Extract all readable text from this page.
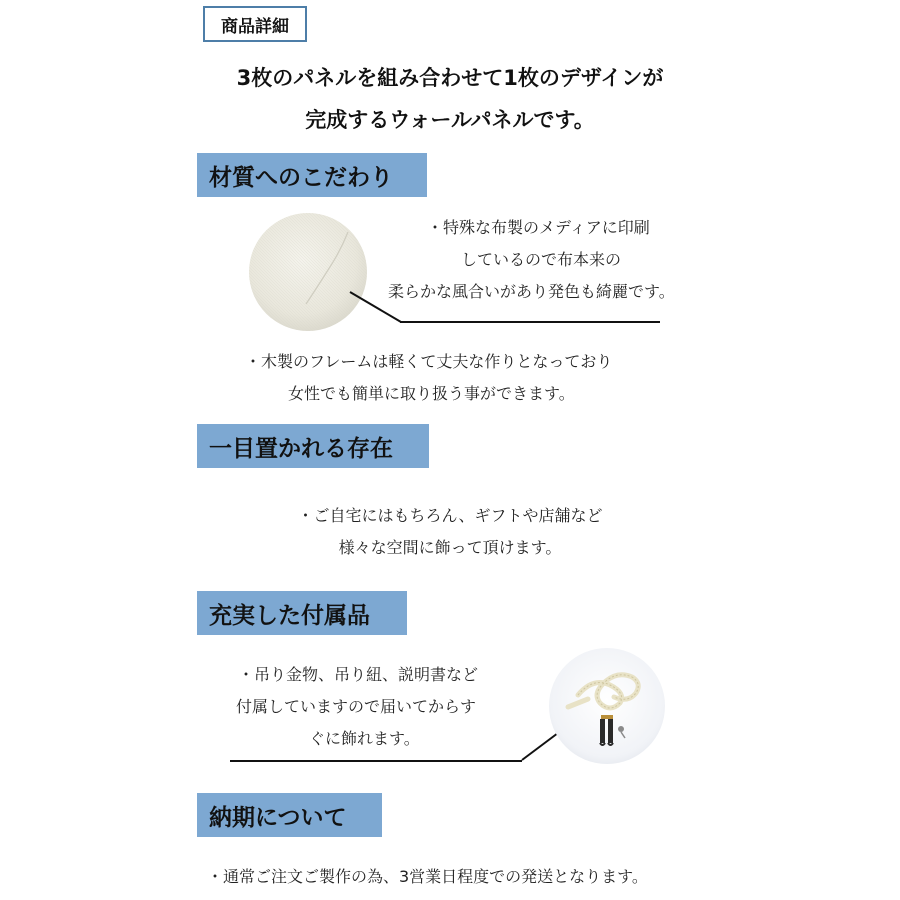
商品詳細
3枚のパネルを組み合わせて1枚のデザインが
完成するウォールパネルです。
材質へのこだわり
・特殊な布製のメディアに印刷
しているので布本来の
柔らかな風合いがあり発色も綺麗です。
・木製のフレームは軽くて丈夫な作りとなっており
女性でも簡単に取り扱う事ができます。
一目置かれる存在
・ご自宅にはもちろん、ギフトや店舗など
様々な空間に飾って頂けます。
充実した付属品
・吊り金物、吊り紐、説明書など
付属していますので届いてからす
ぐに飾れます。
納期について
・通常ご注文ご製作の為、3営業日程度での発送となります。
